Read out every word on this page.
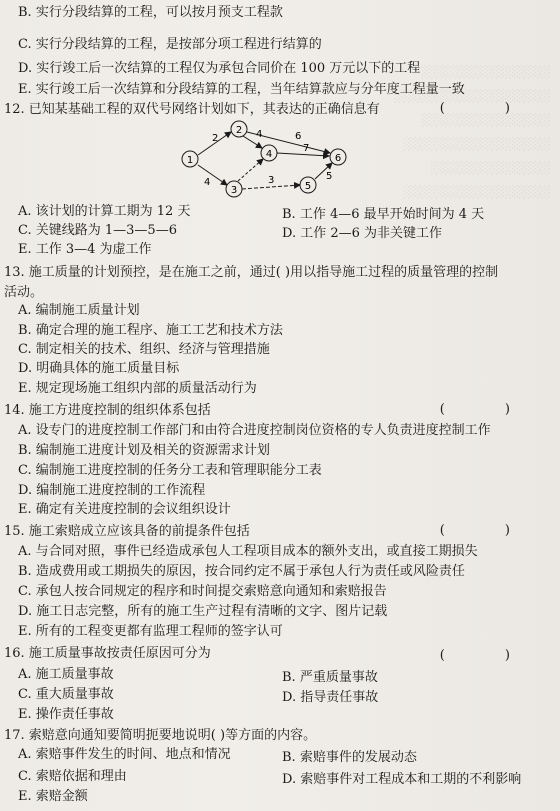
░░░░░░░░░░░░░░
░░░░░░░░░░░░░░░░░
░░░░░░░░░░░░░░
░░░░░░░░░░░░░░░░
░░░░░░░░░░░░░
░░░░░░░░░░░░░░░░
B. 实行分段结算的工程，可以按月预支工程款
C. 实行分段结算的工程，是按部分项工程进行结算的
D. 实行竣工后一次结算的工程仅为承包合同价在 100 万元以下的工程
E. 实行竣工后一次结算和分段结算的工程，当年结算款应与分年度工程量一致
12. 已知某基础工程的双代号网络计划如下，其表达的正确信息有	( )
1
2
3
4
5
6
2
4
4	6
3
7
5
A. 该计划的计算工期为 12 天	B. 工作 4—6 最早开始时间为 4 天
C. 关键线路为 1—3—5—6	D. 工作 2—6 为非关键工作
E. 工作 3—4 为虚工作
13. 施工质量的计划预控，是在施工之前，通过( )用以指导施工过程的质量管理的控制
活动。
A. 编制施工质量计划
B. 确定合理的施工程序、施工工艺和技术方法
C. 制定相关的技术、组织、经济与管理措施
D. 明确具体的施工质量目标
E. 规定现场施工组织内部的质量活动行为
14. 施工方进度控制的组织体系包括	( )
A. 设专门的进度控制工作部门和由符合进度控制岗位资格的专人负责进度控制工作
B. 编制施工进度计划及相关的资源需求计划
C. 编制施工进度控制的任务分工表和管理职能分工表
D. 编制施工进度控制的工作流程
E. 确定有关进度控制的会议组织设计
15. 施工索赔成立应该具备的前提条件包括	( )
A. 与合同对照，事件已经造成承包人工程项目成本的额外支出，或直接工期损失
B. 造成费用或工期损失的原因，按合同约定不属于承包人行为责任或风险责任
C. 承包人按合同规定的程序和时间提交索赔意向通知和索赔报告
D. 施工日志完整，所有的施工生产过程有清晰的文字、图片记载
E. 所有的工程变更都有监理工程师的签字认可
16. 施工质量事故按责任原因可分为	( )
A. 施工质量事故	B. 严重质量事故
C. 重大质量事故	D. 指导责任事故
E. 操作责任事故
17. 索赔意向通知要简明扼要地说明( )等方面的内容。
A. 索赔事件发生的时间、地点和情况	B. 索赔事件的发展动态
C. 索赔依据和理由	D. 索赔事件对工程成本和工期的不利影响
E. 索赔金额
